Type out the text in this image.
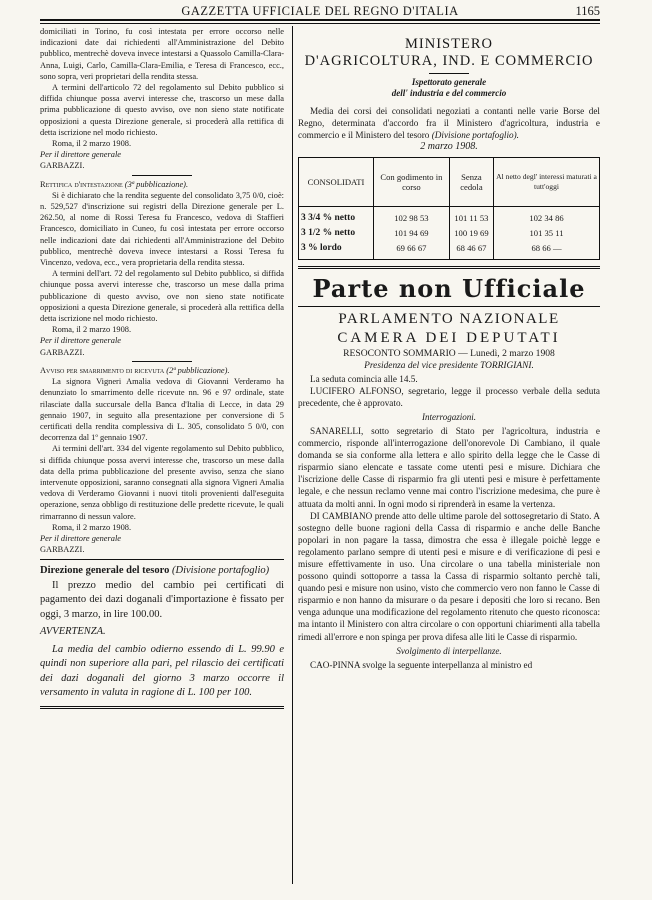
GAZZETTA UFFICIALE DEL REGNO D'ITALIA	1165

domiciliati in Torino, fu così intestata per errore occorso nelle indicazioni date dai richiedenti all'Amministrazione del Debito pubblico, mentrechè doveva invece intestarsi a Quassolo Camilla-Clara-Anna, Luigi, Carlo, Camilla-Clara-Emilia, e Teresa di Francesco, ecc., sono sopra, veri proprietari della rendita stessa.

A termini dell'articolo 72 del regolamento sul Debito pubblico si diffida chiunque possa avervi interesse che, trascorso un mese dalla prima pubblicazione di questo avviso, ove non sieno state notificate opposizioni a questa Direzione generale, si procederà alla rettifica di detta iscrizione nel modo richiesto.

Roma, il 2 marzo 1908.

Per il direttore generale

GARBAZZI.

Rettifica d'intestazione (3ª pubblicazione).

Si è dichiarato che la rendita seguente del consolidato 3,75 0/0, cioè: n. 529,527 d'inscrizione sui registri della Direzione generale per L. 262.50, al nome di Rossi Teresa fu Francesco, vedova di Staffieri Francesco, domiciliato in Cuneo, fu così intestata per errore occorso nelle indicazioni date dai richiedenti all'Amministrazione del Debito pubblico, mentrechè doveva invece intestarsi a Rossi Teresa fu Vincenzo, vedova, ecc., vera proprietaria della rendita stessa.

A termini dell'art. 72 del regolamento sul Debito pubblico, si diffida chiunque possa avervi interesse che, trascorso un mese dalla prima pubblicazione di questo avviso, ove non sieno state notificate opposizioni a questa Direzione generale, si procederà alla rettifica della detta iscrizione nel modo richiesto.

Roma, il 2 marzo 1908.

Per il direttore generale

GARBAZZI.

Avviso per smarrimento di ricevuta (2ª pubblicazione).

La signora Vigneri Amalia vedova di Giovanni Verderamo ha denunziato lo smarrimento delle ricevute nn. 96 e 97 ordinale, state rilasciate dalla succursale della Banca d'Italia di Lecce, in data 29 gennaio 1907, in seguito alla presentazione per conversione di 5 certificati della rendita complessiva di L. 305, consolidato 5 0/0, con decorrenza dal 1º gennaio 1907.

Ai termini dell'art. 334 del vigente regolamento sul Debito pubblico, si diffida chiunque possa avervi interesse che, trascorso un mese dalla data della prima pubblicazione del presente avviso, senza che siano intervenute opposizioni, saranno consegnati alla signora Vigneri Amalia vedova di Verderamo Giovanni i nuovi titoli provenienti dall'eseguita operazione, senza obbligo di restituzione delle predette ricevute, le quali rimarranno di nessun valore.

Roma, il 2 marzo 1908.

Per il direttore generale

GARBAZZI.

Direzione generale del tesoro (Divisione portafoglio)

Il prezzo medio del cambio pei certificati di pagamento dei dazi doganali d'importazione è fissato per oggi, 3 marzo, in lire 100.00.

AVVERTENZA.

La media del cambio odierno essendo di L. 99.90 e quindi non superiore alla pari, pel rilascio dei certificati dei dazi doganali del giorno 3 marzo occorre il versamento in valuta in ragione di L. 100 per 100.

MINISTERO
D'AGRICOLTURA, IND. E COMMERCIO
Ispettorato generale
dell' industria e del commercio

Media dei corsi dei consolidati negoziati a contanti nelle varie Borse del Regno, determinata d'accordo fra il Ministero d'agricoltura, industria e commercio e il Ministero del tesoro (Divisione portafoglio).

2 marzo 1908.
CONSOLIDATI	Con godimento in corso	Senza cedola	Al netto degl' interessi maturati a tutt'oggi
3 3/4 % netto	102 98 53	101 11 53	102 34 86
3 1/2 % netto	101 94 69	100 19 69	101 35 11
3 % lordo	69 66 67	68 46 67	68 66 —
Parte non Ufficiale
PARLAMENTO NAZIONALE
CAMERA DEI DEPUTATI
RESOCONTO SOMMARIO — Lunedì, 2 marzo 1908
Presidenza del vice presidente TORRIGIANI.

La seduta comincia alle 14.5.

LUCIFERO ALFONSO, segretario, legge il processo verbale della seduta precedente, che è approvato.

Interrogazioni.

SANARELLI, sotto segretario di Stato per l'agricoltura, industria e commercio, risponde all'interrogazione dell'onorevole Di Cambiano, il quale domanda se sia conforme alla lettera e allo spirito della legge che le Casse di risparmio siano elencate e tassate come utenti pesi e misure. Dichiara che l'iscrizione delle Casse di risparmio fra gli utenti pesi e misure è perfettamente legale, e che nessun reclamo venne mai contro l'iscrizione medesima, che pure è attuata da molti anni. In ogni modo si riprenderà in esame la vertenza.

DI CAMBIANO prende atto delle ultime parole del sottosegretario di Stato. A sostegno delle buone ragioni della Cassa di risparmio e anche delle Banche popolari in non pagare la tassa, dimostra che essa è illegale poichè legge e regolamento parlano sempre di utenti pesi e misure e di verificazione di pesi e misure effettivamente in uso. Una circolare o una tabella ministeriale non possono quindi sottoporre a tassa la Cassa di risparmio soltanto perchè tali, quando pesi e misure non usino, visto che commercio vero non fanno le Casse di risparmio e non hanno da misurare o da pesare i depositi che loro si recano. Ben venga adunque una modificazione del regolamento ritenuto che questo riconosca: ma intanto il Ministero con altra circolare o con opportuni chiarimenti alla tabella rimedi all'errore e non spinga per prova difesa alle liti le Casse di risparmio.

Svolgimento di interpellanze.

CAO-PINNA svolge la seguente interpellanza al ministro ed
